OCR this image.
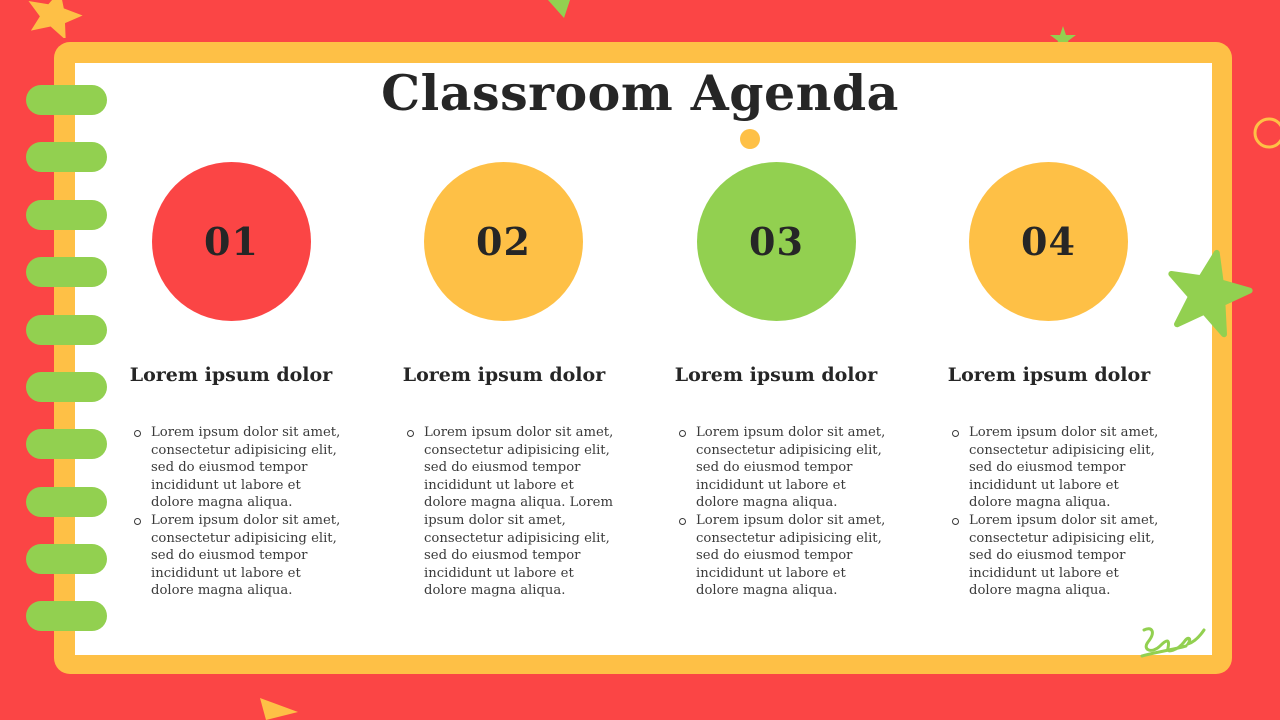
Classroom Agenda
01
Lorem ipsum dolor
Lorem ipsum dolor sit amet, consectetur adipisicing elit, sed do eiusmod tempor incididunt ut labore et dolore magna aliqua.
Lorem ipsum dolor sit amet, consectetur adipisicing elit, sed do eiusmod tempor incididunt ut labore et dolore magna aliqua.
02
Lorem ipsum dolor
Lorem ipsum dolor sit amet, consectetur adipisicing elit, sed do eiusmod tempor incididunt ut labore et dolore magna aliqua. Lorem ipsum dolor sit amet, consectetur adipisicing elit, sed do eiusmod tempor incididunt ut labore et dolore magna aliqua.
03
Lorem ipsum dolor
Lorem ipsum dolor sit amet, consectetur adipisicing elit, sed do eiusmod tempor incididunt ut labore et dolore magna aliqua.
Lorem ipsum dolor sit amet, consectetur adipisicing elit, sed do eiusmod tempor incididunt ut labore et dolore magna aliqua.
04
Lorem ipsum dolor
Lorem ipsum dolor sit amet, consectetur adipisicing elit, sed do eiusmod tempor incididunt ut labore et dolore magna aliqua.
Lorem ipsum dolor sit amet, consectetur adipisicing elit, sed do eiusmod tempor incididunt ut labore et dolore magna aliqua.
